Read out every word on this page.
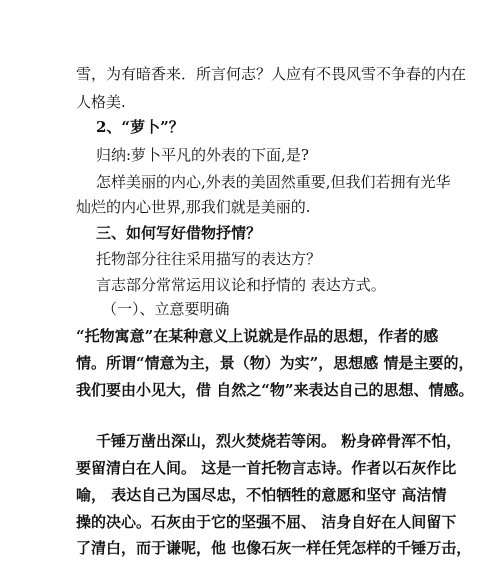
雪，为有暗香来．所言何志？人应有不畏风雪不争春的内在
人格美.
2、“萝卜”？
归纳:萝卜平凡的外表的下面,是?
怎样美丽的内心,外表的美固然重要,但我们若拥有光华
灿烂的内心世界,那我们就是美丽的.
三、如何写好借物抒情？
托物部分往往采用描写的表达方？
言志部分常常运用议论和抒情的 表达方式。
（一）、立意要明确
“托物寓意”在某种意义上说就是作品的思想，作者的感
情。所谓“情意为主，景（物）为实”，思想感 情是主要的，
我们要由小见大，借 自然之“物”来表达自己的思想、情感。
千锤万凿出深山，烈火焚烧若等闲。 粉身碎骨浑不怕，
要留清白在人间。 这是一首托物言志诗。作者以石灰作比
喻， 表达自己为国尽忠，不怕牺牲的意愿和坚守 高洁情
操的决心。石灰由于它的坚强不屈、 洁身自好在人间留下
了清白，而于谦呢，他 也像石灰一样任凭怎样的千锤万击，
